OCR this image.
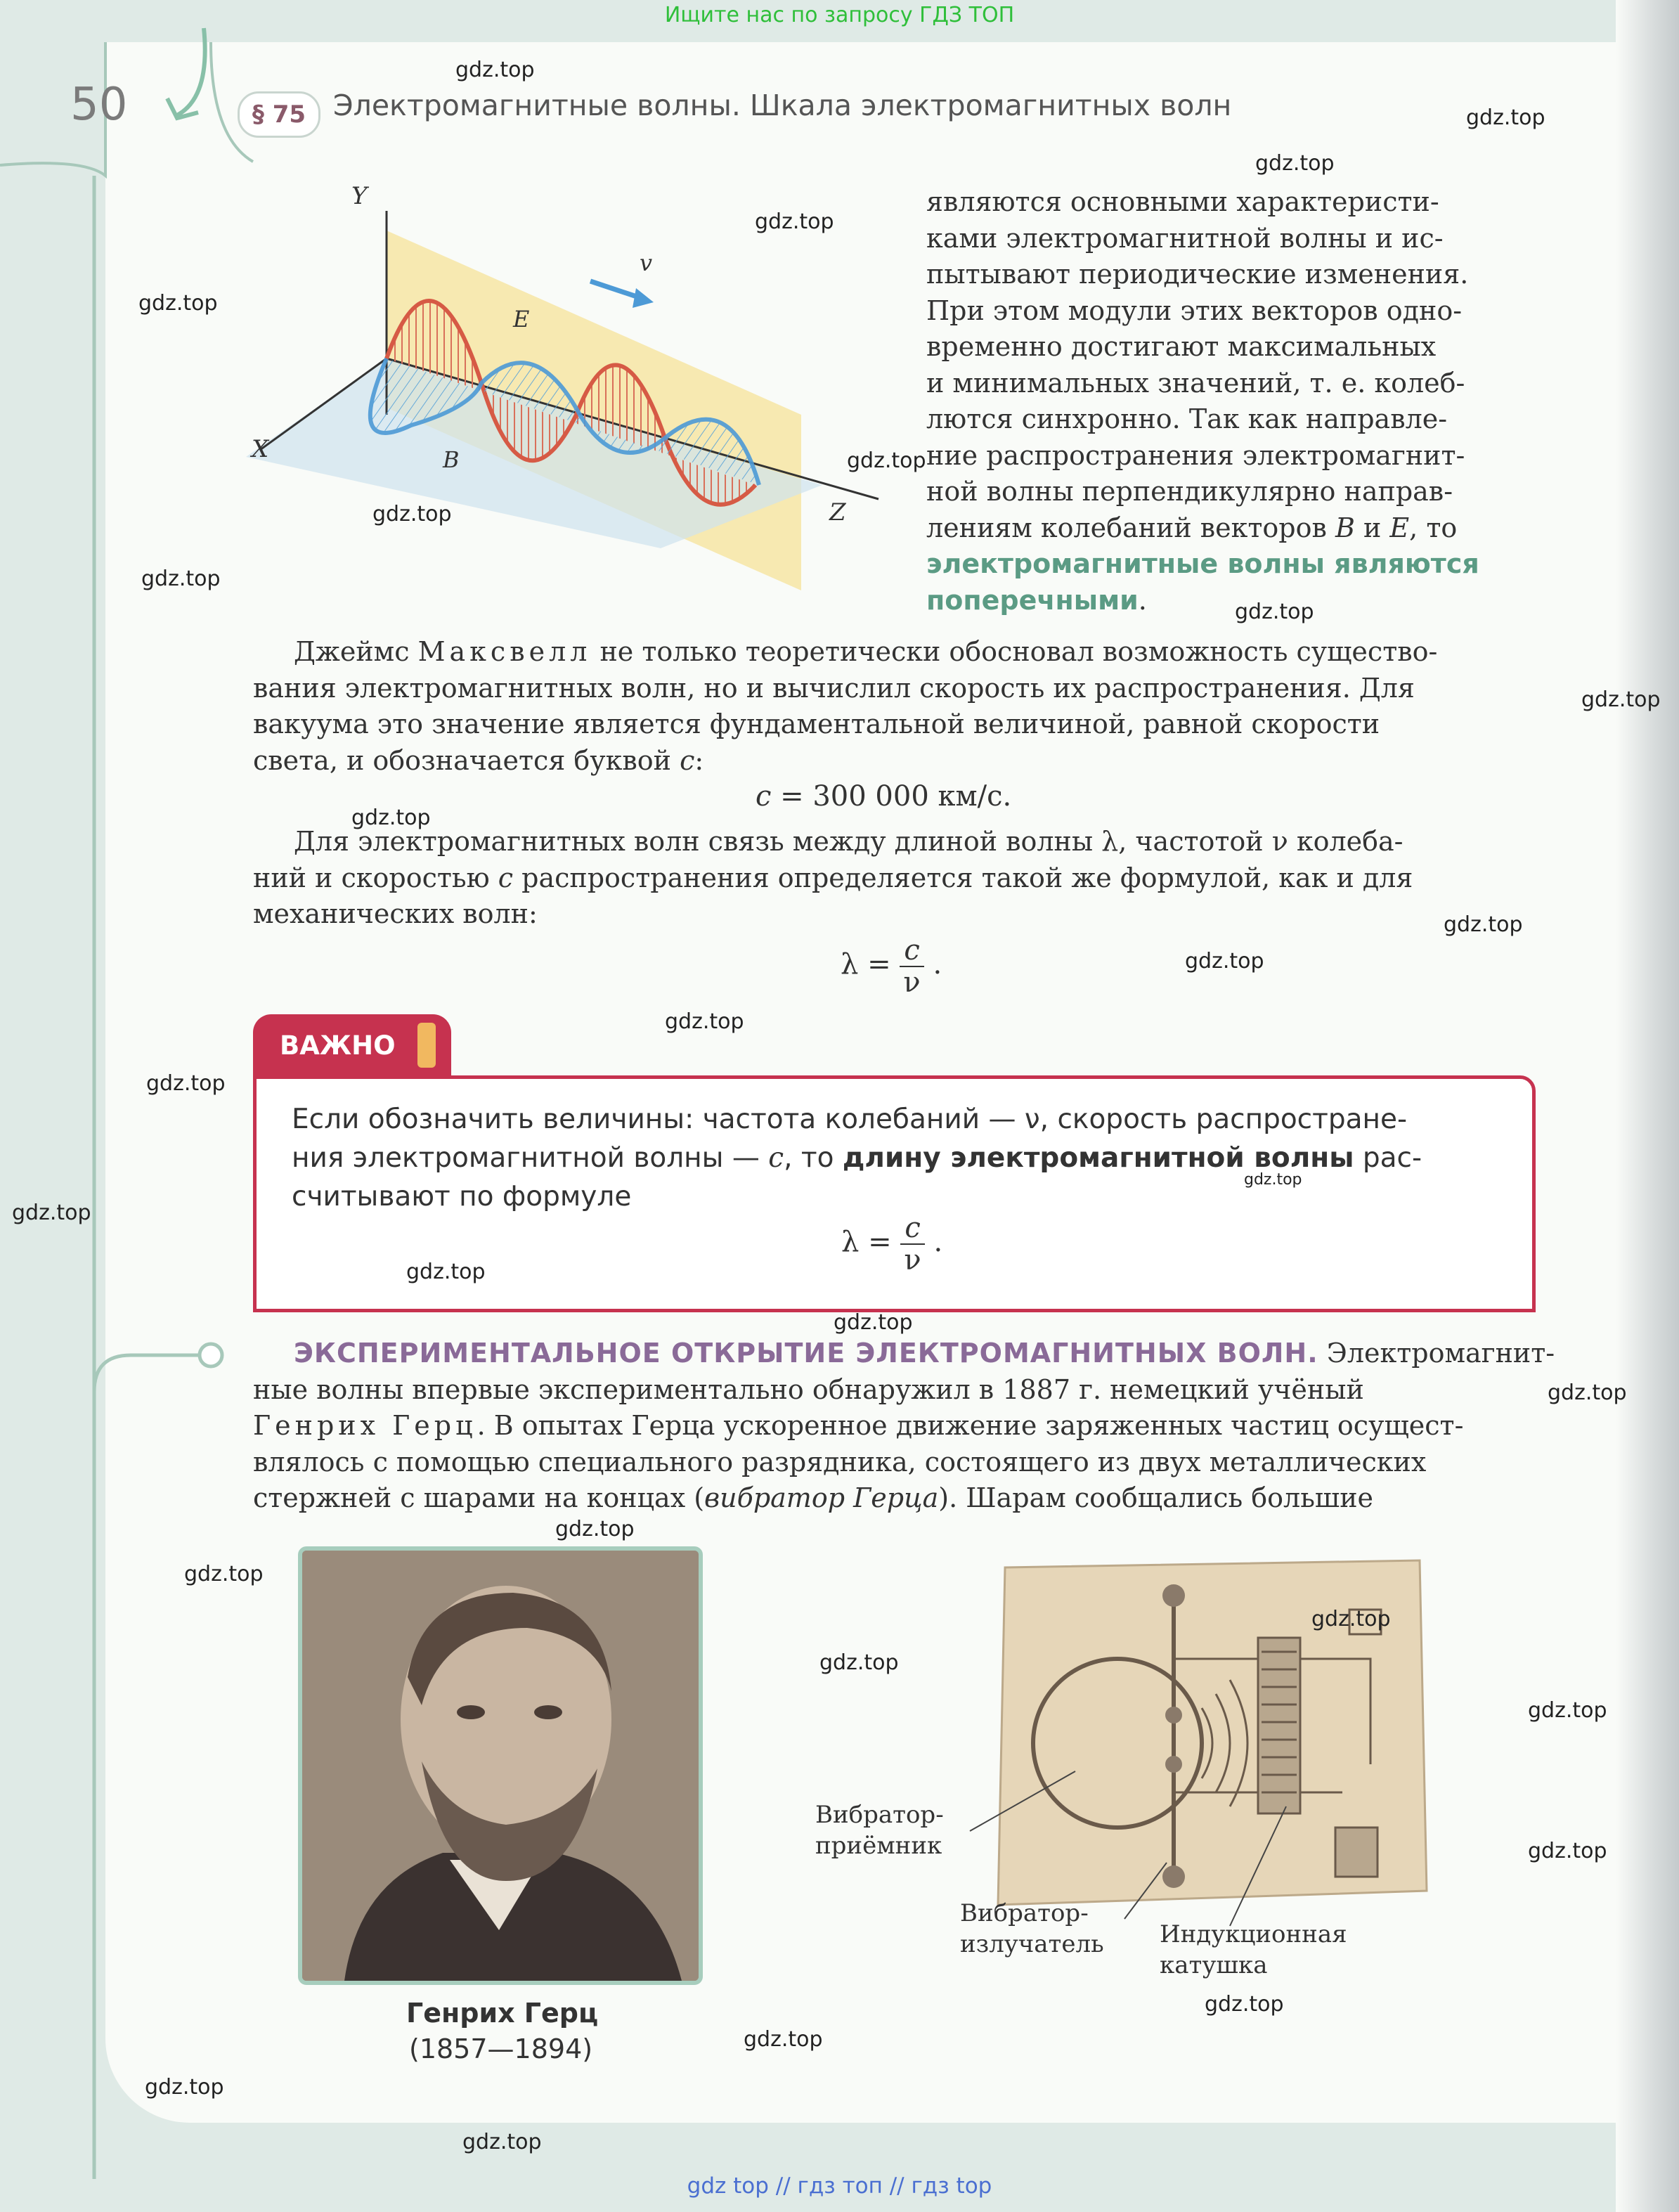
Ищите нас по запросу ГДЗ ТОП
50	§ 75 Электромагнитные волны. Шкала электромагнитных волн
Y
X
Z
v
E
B
являются основными характеристи-
ками электромагнитной волны и ис-
пытывают периодические изменения.
При этом модули этих векторов одно-
временно достигают максимальных
и минимальных значений, т. е. колеб-
лются синхронно. Так как направле-
ние распространения электромагнит-
ной волны перпендикулярно направ-
лениям колебаний векторов B и E, то
электромагнитные волны являются
поперечными.
Джеймс Максвелл не только теоретически обосновал возможность существо-
вания электромагнитных волн, но и вычислил скорость их распространения. Для
вакуума это значение является фундаментальной величиной, равной скорости
света, и обозначается буквой c:
c = 300 000 км/с.
Для электромагнитных волн связь между длиной волны λ, частотой ν колеба-
ний и скоростью c распространения определяется такой же формулой, как и для
механических волн:
$\lambda = \frac{c}{\nu}$ .
ВАЖНО
Если обозначить величины: частота колебаний — ν, скорость распростране-
ния электромагнитной волны — c, то длину электромагнитной волны рас-
считывают по формуле
$\lambda = \frac{c}{\nu}$ .
ЭКСПЕРИМЕНТАЛЬНОЕ ОТКРЫТИЕ ЭЛЕКТРОМАГНИТНЫХ ВОЛН. Электромагнит-
ные волны впервые экспериментально обнаружил в 1887 г. немецкий учёный
Генрих Герц. В опытах Герца ускоренное движение заряженных частиц осущест-
влялось с помощью специального разрядника, состоящего из двух металлических
стержней с шарами на концах (вибратор Герца). Шарам сообщались большие
Генрих Герц
(1857—1894)
Вибратор-
приёмник
Вибратор-
излучатель Индукционная
катушка
gdz.top
gdz.top
gdz.top
gdz.top
gdz.top
gdz.top
gdz.top
gdz.top
gdz.top
gdz.top
gdz.top
gdz.top
gdz.top
gdz.top
gdz.top
gdz.top
gdz.top
gdz.top
gdz.top
gdz.top
gdz.top
gdz.top
gdz.top
gdz.top
gdz.top
gdz.top
gdz.top
gdz.top
gdz.top
gdz.top
gdz top // гдз топ // гдз top
